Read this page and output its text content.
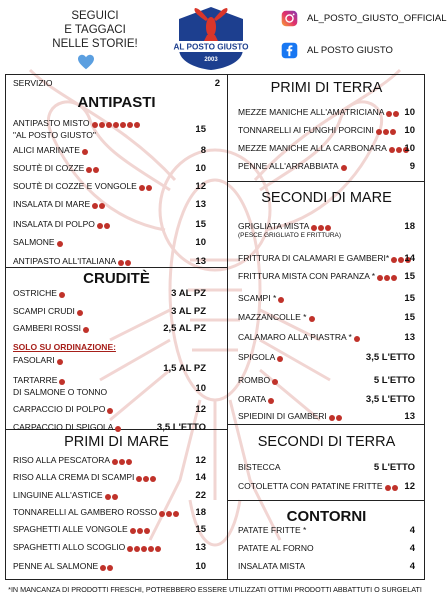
SEGUICI
E TAGGACI
NELLE STORIE!	AL POSTO GIUSTO
2003
AL_POSTO_GIUSTO_OFFICIAL
AL POSTO GIUSTO
SERVIZIO	2
ANTIPASTI
CRUDITÈ
PRIMI DI MARE
PRIMI DI TERRA
SECONDI DI MARE
SECONDI DI TERRA
CONTORNI
ANTIPASTO MISTO
"AL POSTO GIUSTO"	15
ALICI MARINATE	8
SOUTÈ DI COZZE	10
SOUTÈ DI COZZE E VONGOLE	12
INSALATA DI MARE	13
INSALATA DI POLPO	15
SALMONE	10
ANTIPASTO ALL'ITALIANA	13
OSTRICHE	3 AL PZ
SCAMPI CRUDI	3 AL PZ
GAMBERI ROSSI	2,5 AL PZ
SOLO SU ORDINAZIONE:
FASOLARI
1,5 AL PZ
TARTARRE
DI SALMONE O TONNO	10
CARPACCIO DI POLPO	12
CARPACCIO DI SPIGOLA	3,5 L'ETTO
RISO ALLA PESCATORA	12
RISO ALLA CREMA DI SCAMPI	14
LINGUINE ALL'ASTICE	22
TONNARELLI AL GAMBERO ROSSO	18
SPAGHETTI ALLE VONGOLE	15
SPAGHETTI ALLO SCOGLIO	13
PENNE AL SALMONE	10
MEZZE MANICHE ALL'AMATRICIANA	10
TONNARELLI AI FUNGHI PORCINI	10
MEZZE MANICHE ALLA CARBONARA	10
PENNE ALL'ARRABBIATA	9
GRIGLIATA MISTA
(PESCE GRIGLIATO E FRITTURA)
18
FRITTURA DI CALAMARI E GAMBERI*	14
FRITTURA MISTA CON PARANZA *	15
SCAMPI *	15
MAZZANCOLLE *	15
CALAMARO ALLA PIASTRA *	13
SPIGOLA	3,5 L'ETTO
ROMBO	5 L'ETTO
ORATA	3,5 L'ETTO
SPIEDINI DI GAMBERI	13
BISTECCA	5 L'ETTO
COTOLETTA CON PATATINE FRITTE	12
PATATE FRITTE *	4
PATATE AL FORNO	4
INSALATA MISTA	4
*IN MANCANZA DI PRODOTTI FRESCHI, POTREBBERO ESSERE UTILIZZATI OTTIMI PRODOTTI ABBATTUTI O SURGELATI
